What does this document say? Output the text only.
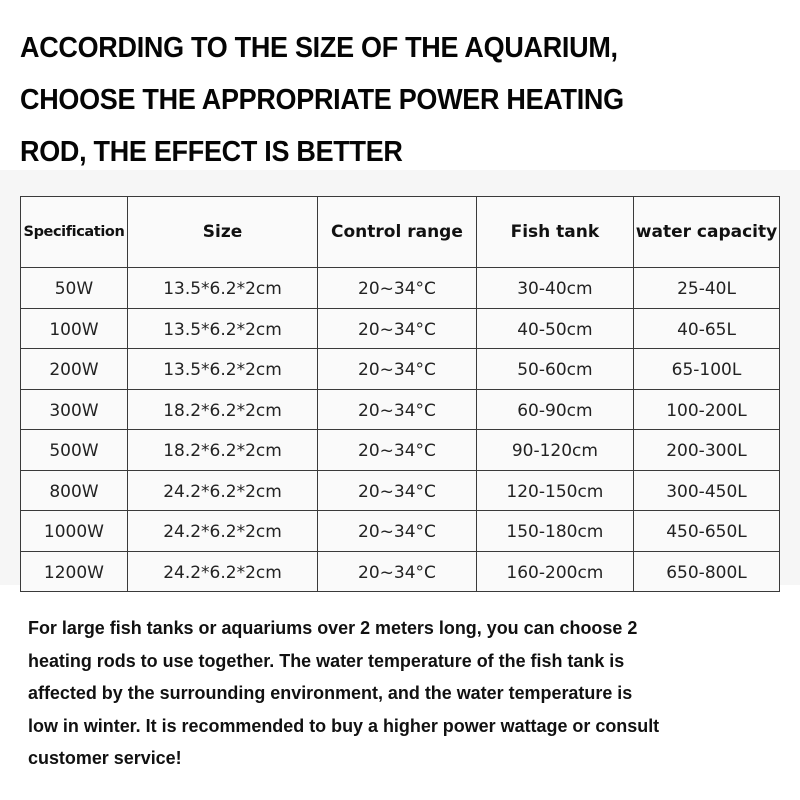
ACCORDING TO THE SIZE OF THE AQUARIUM,
CHOOSE THE APPROPRIATE POWER HEATING
ROD, THE EFFECT IS BETTER
Specification	Size	Control range	Fish tank	water capacity
50W	13.5*6.2*2cm	20~34°C	30-40cm	25-40L
100W	13.5*6.2*2cm	20~34°C	40-50cm	40-65L
200W	13.5*6.2*2cm	20~34°C	50-60cm	65-100L
300W	18.2*6.2*2cm	20~34°C	60-90cm	100-200L
500W	18.2*6.2*2cm	20~34°C	90-120cm	200-300L
800W	24.2*6.2*2cm	20~34°C	120-150cm	300-450L
1000W	24.2*6.2*2cm	20~34°C	150-180cm	450-650L
1200W	24.2*6.2*2cm	20~34°C	160-200cm	650-800L
For large fish tanks or aquariums over 2 meters long, you can choose 2
heating rods to use together. The water temperature of the fish tank is
affected by the surrounding environment, and the water temperature is
low in winter. It is recommended to buy a higher power wattage or consult
customer service!
